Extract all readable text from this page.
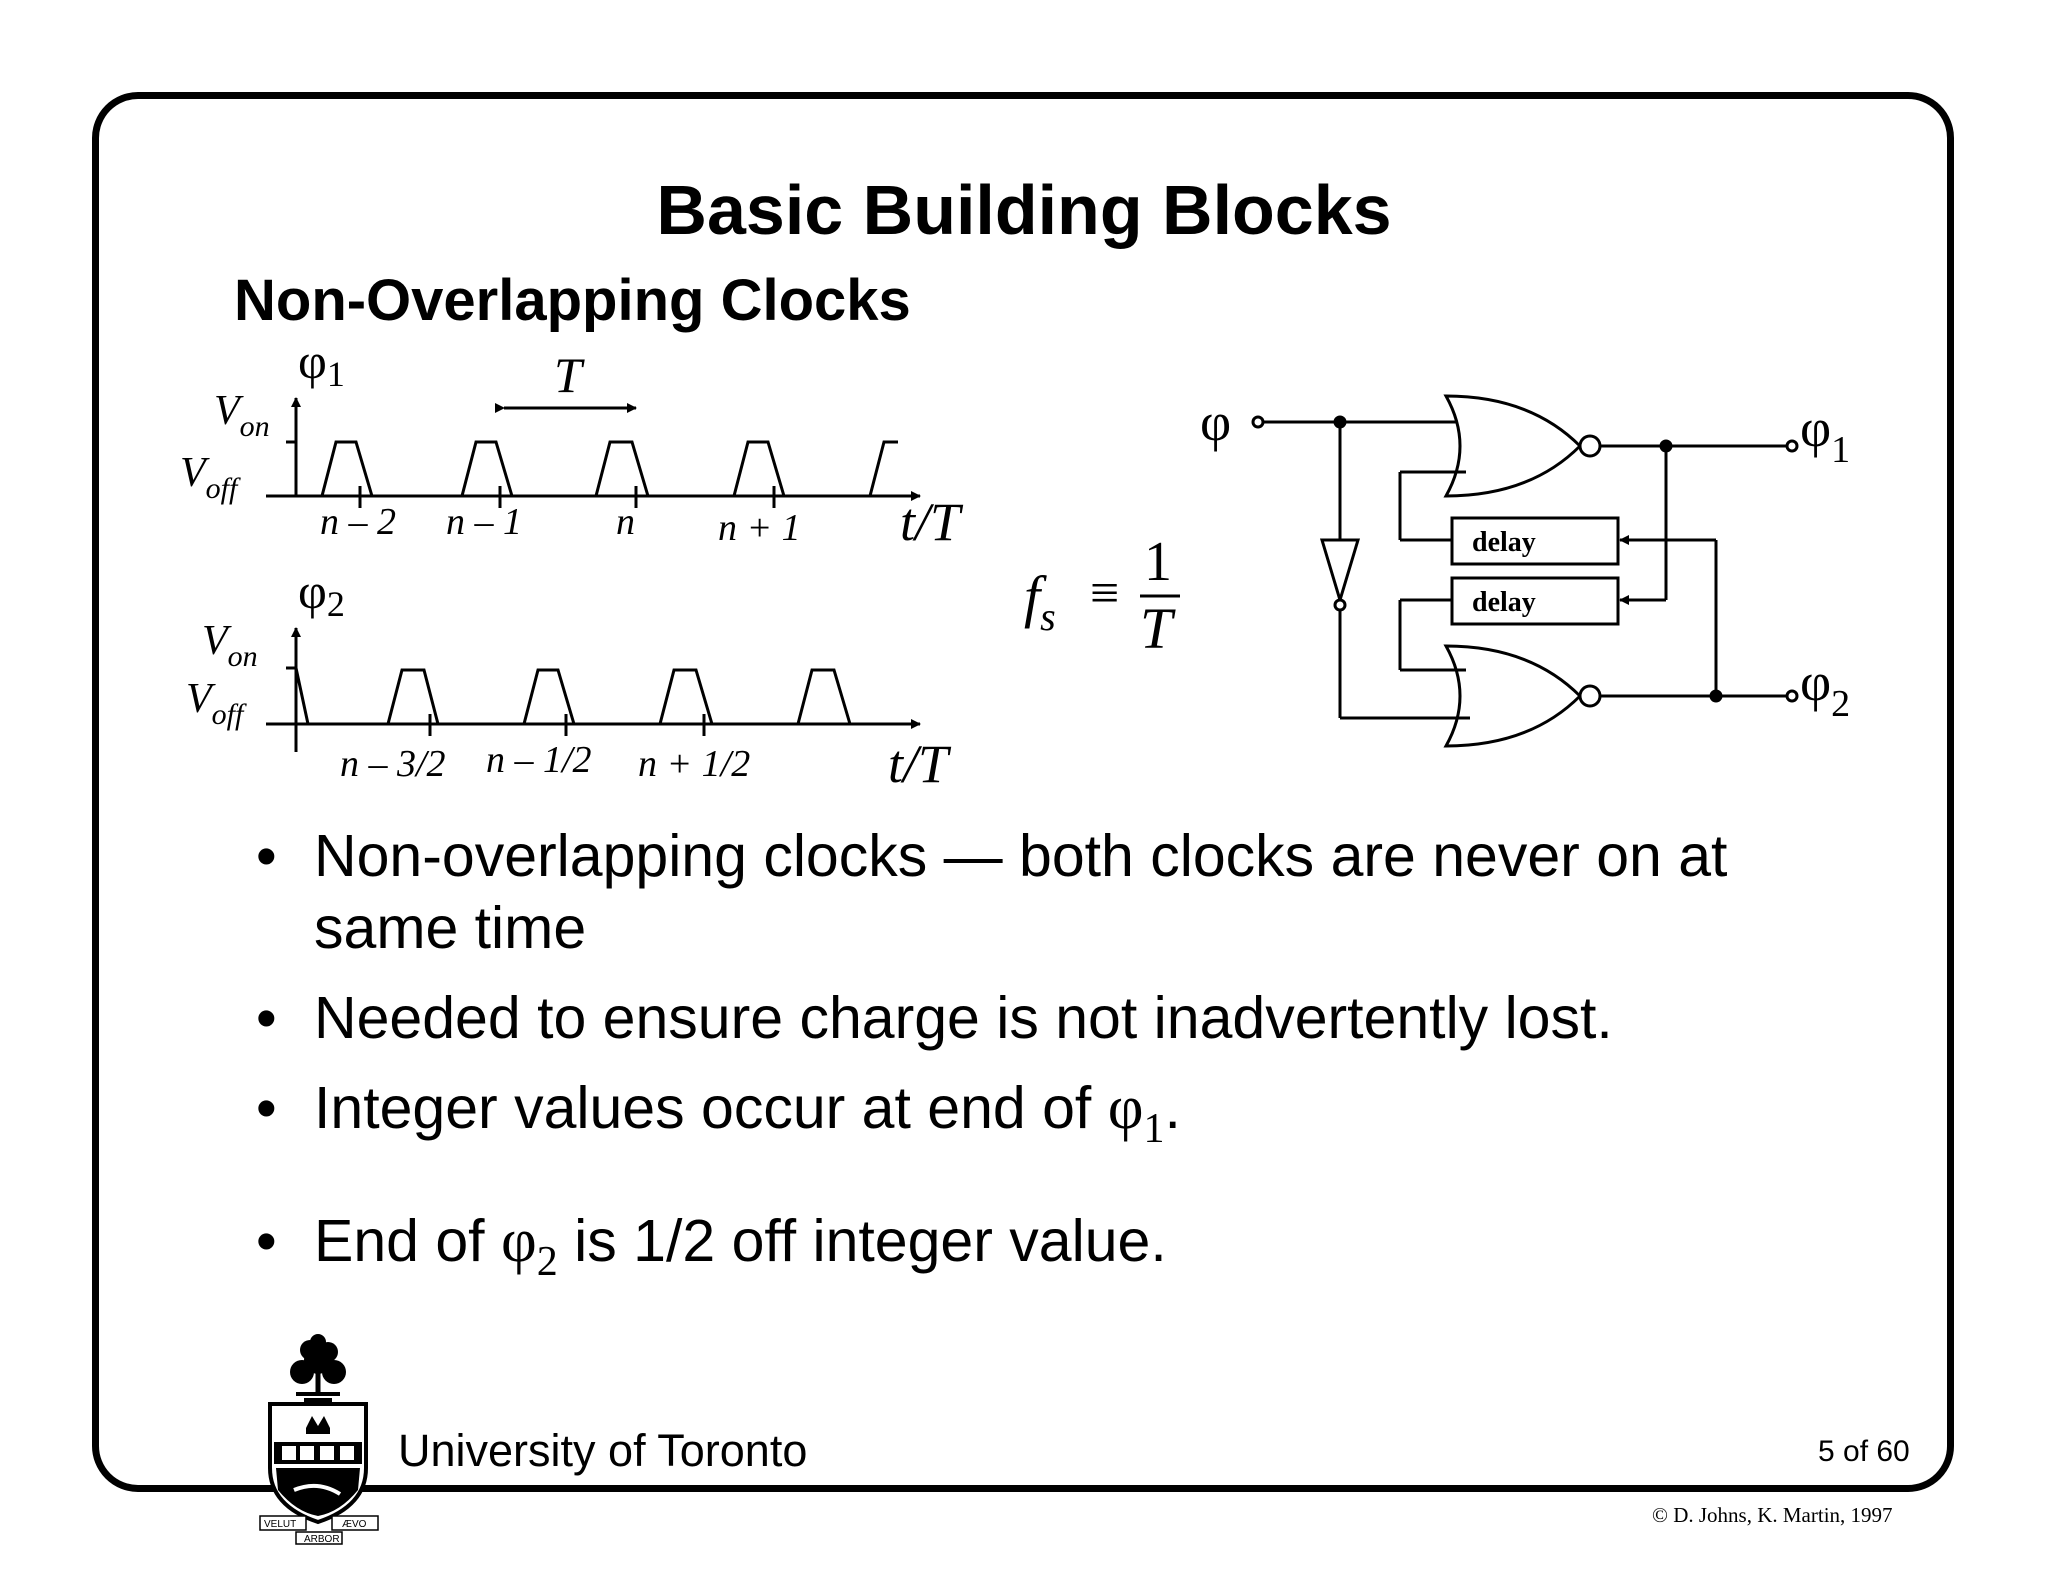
Basic Building Blocks
Non-Overlapping Clocks
φ1	T
$V_{on}$
$V_{off}$
n – 2 n – 1 n n + 1 t/T
φ2
$V_{on}$
$V_{off}$
n – 3/2 n – 1/2 n + 1/2	t/T
$f_s$ ≡
1
T
φ	$\varphi_1$
$\varphi_2$
delay
delay
VELUT	ÆVO
ARBOR
• Non-overlapping clocks — both clocks are never on at same time
• Needed to ensure charge is not inadvertently lost.
• Integer values occur at end of $\varphi_1$.
• End of $\varphi_2$ is 1/2 off integer value.
University of Toronto	5 of 60
© D. Johns, K. Martin, 1997
